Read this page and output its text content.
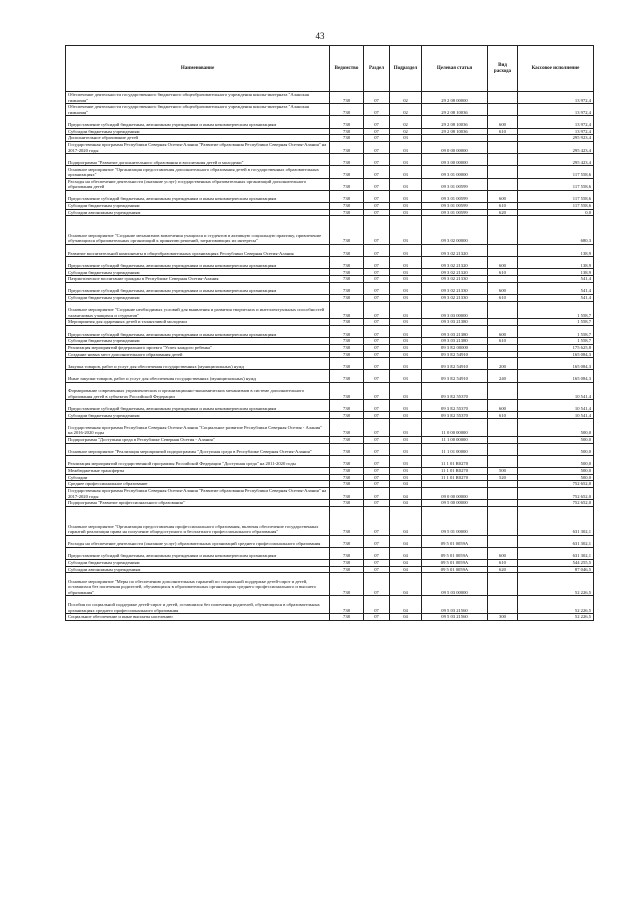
43
Наименование	Ведомство	Раздел	Подраздел	Целевая статья	Вид расхода	Кассовое исполнение
Обеспечение деятельности государственного бюджетного общеобразовательного учреждения школы-интерната "Аланская гимназия"	738	07	02	29 2 08 00000		13 972,4
Обеспечение деятельности государственного бюджетного общеобразовательного учреждения школы-интерната "Аланская гимназия"	738	07	02	29 2 08 10036		13 972,4
Предоставление субсидий бюджетным, автономным учреждениям и иным некоммерческим организациям	738	07	02	29 2 08 10036	600	13 972,4
Субсидии бюджетным учреждениям	738	07	02	29 2 08 10036	610	13 972,4
Дополнительное образование детей	738	07	03			295 923,4
Государственная программа Республики Северная Осетия-Алания "Развитие образования Республики Северная Осетия-Алания" на 2017-2020 годы	738	07	03	09 0 00 00000		295 423,4
Подпрограмма "Развитие дополнительного образования и воспитания детей и молодежи"	738	07	03	09 3 00 00000		295 423,4
Основное мероприятие "Организация предоставления дополнительного образования детей в государственных образовательных организациях"	738	07	03	09 3 01 00000		117 558,6
Расходы на обеспечение деятельности (оказание услуг) государственных образовательных организаций дополнительного образования детей	738	07	03	09 3 01 00599		117 558,6
Предоставление субсидий бюджетным, автономным учреждениям и иным некоммерческим организациям	738	07	03	09 3 01 00599	600	117 558,6
Субсидии бюджетным учреждениям	738	07	03	09 3 01 00599	610	117 558,6
Субсидии автономным учреждениям	738	07	03	09 3 01 00599	620	0,0
Основное мероприятие "Создание механизмов вовлечения учащихся и студентов в активную социальную практику, привлечение обучающихся образовательных организаций к принятию решений, затрагивающих их интересы"	738	07	03	09 3 02 00000		680,3
Развитие воспитательной компоненты в общеобразовательных организациях Республики Северная Осетия-Алания	738	07	03	09 3 02 21320		138,9
Предоставление субсидий бюджетным, автономным учреждениям и иным некоммерческим организациям	738	07	03	09 3 02 21320	600	138,9
Субсидии бюджетным учреждениям	738	07	03	09 3 02 21320	610	138,9
Патриотическое воспитание граждан в Республике Северная Осетия-Алания	738	07	03	09 3 02 21330		541,4
Предоставление субсидий бюджетным, автономным учреждениям и иным некоммерческим организациям	738	07	03	09 3 02 21330	600	541,4
Субсидии бюджетным учреждениям	738	07	03	09 3 02 21330	610	541,4
Основное мероприятие "Создание необходимых условий для выявления и развития творческих и интеллектуальных способностей талантливых учащихся и студентов"	738	07	03	09 3 03 00000		1 558,7
Мероприятия для одаренных детей и талантливой молодежи	738	07	03	09 3 03 21380		1 558,7
Предоставление субсидий бюджетным, автономным учреждениям и иным некоммерческим организациям	738	07	03	09 3 03 21380	600	1 558,7
Субсидии бюджетным учреждениям	738	07	03	09 3 03 21380	610	1 558,7
Реализация мероприятий федерального проекта "Успех каждого ребенка"	738	07	03	09 3 Е2 00000		175 625,8
Создание новых мест дополнительного образования детей	738	07	03	09 3 Е2 54910		165 084,3
Закупка товаров, работ и услуг для обеспечения государственных (муниципальных) нужд	738	07	03	09 3 Е2 54910	200	165 084,3
Иные закупки товаров, работ и услуг для обеспечения государственных (муниципальных) нужд	738	07	03	09 3 Е2 54910	240	165 084,3
Формирование современных управленческих и организационно-экономических механизмов в системе дополнительного образования детей в субъектах Российской Федерации	738	07	03	09 3 Е2 55370		10 541,4
Предоставление субсидий бюджетным, автономным учреждениям и иным некоммерческим организациям	738	07	03	09 3 Е2 55370	600	10 541,4
Субсидии бюджетным учреждениям	738	07	03	09 3 Е2 55370	610	10 541,4
Государственная программа Республики Северная Осетия-Алания "Социальное развитие Республики Северная Осетия - Алания" на 2016-2020 годы	738	07	03	11 0 00 00000		500,0
Подпрограмма "Доступная среда в Республике Северная Осетия - Алания"	738	07	03	11 1 00 00000		500,0
Основное мероприятие "Реализация мероприятий подпрограммы "Доступная среда в Республике Северная Осетия-Алания"	738	07	03	11 1 01 00000		500,0
Реализация мероприятий государственной программы Российской Федерации "Доступная среда" на 2011-2020 годы	738	07	03	11 1 01 R0270		500,0
Межбюджетные трансферты	738	07	03	11 1 01 R0270	500	500,0
Субсидии	738	07	03	11 1 01 R0270	520	500,0
Среднее профессиональное образование	738	07	04			752 652,0
Государственная программа Республики Северная Осетия-Алания "Развитие образования Республики Северная Осетия-Алания" на 2017-2020 годы	738	07	04	09 0 00 00000		752 652,0
Подпрограмма "Развитие профессионального образования"	738	07	04	09 5 00 00000		752 652,0
Основное мероприятие "Организация предоставления профессионального образования, включая обеспечение государственных гарантий реализации права на получение общедоступного и бесплатного профессионального образования"	738	07	04	09 5 01 00000		631 302,1
Расходы на обеспечение деятельности (оказание услуг) образовательных организаций среднего профессионального образования	738	07	04	09 5 01 0059А		631 302,1
Предоставление субсидий бюджетным, автономным учреждениям и иным некоммерческим организациям	738	07	04	09 5 01 0059А	600	631 302,1
Субсидии бюджетным учреждениям	738	07	04	09 5 01 0059А	610	544 255,5
Субсидии автономным учреждениям	738	07	04	09 5 01 0059А	620	87 046,5
Основное мероприятие "Меры по обеспечению дополнительных гарантий по социальной поддержке детей-сирот и детей, оставшихся без попечения родителей, обучающихся в образовательных организациях среднего профессионального и высшего образования"	738	07	04	09 5 03 00000		52 226,5
Пособия по социальной поддержке детей-сирот и детей, оставшихся без попечения родителей, обучающихся в образовательных организациях среднего профессионального образования	738	07	04	09 5 03 21560		52 226,5
Социальное обеспечение и иные выплаты населению	738	07	04	09 5 03 21560	300	52 226,5
